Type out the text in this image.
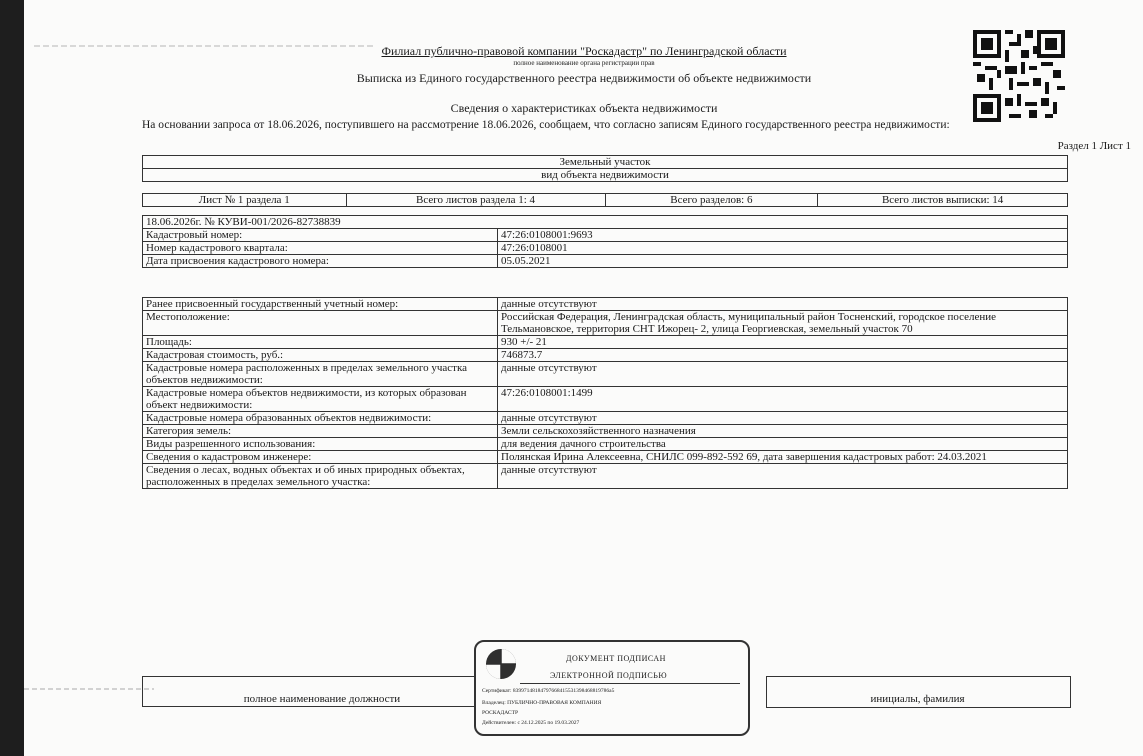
Филиал публично-правовой компании "Роскадастр" по Ленинградской области
полное наименование органа регистрации прав
Выписка из Единого государственного реестра недвижимости об объекте недвижимости
Сведения о характеристиках объекта недвижимости
На основании запроса от 18.06.2026, поступившего на рассмотрение 18.06.2026, сообщаем, что согласно записям Единого государственного реестра недвижимости:
Раздел 1 Лист 1
Земельный участок
вид объекта недвижимости
Лист № 1 раздела 1	Всего листов раздела 1: 4	Всего разделов: 6	Всего листов выписки: 14
18.06.2026г. № КУВИ-001/2026-82738839	
Кадастровый номер:	47:26:0108001:9693
Номер кадастрового квартала:	47:26:0108001
Дата присвоения кадастрового номера:	05.05.2021
Ранее присвоенный государственный учетный номер:	данные отсутствуют
Местоположение:	Российская Федерация, Ленинградская область, муниципальный район Тосненский, городское поселение Тельмановское, территория СНТ Ижорец- 2, улица Георгиевская, земельный участок 70
Площадь:	930 +/- 21
Кадастровая стоимость, руб.:	746873.7
Кадастровые номера расположенных в пределах земельного участка объектов недвижимости:	данные отсутствуют
Кадастровые номера объектов недвижимости, из которых образован объект недвижимости:	47:26:0108001:1499
Кадастровые номера образованных объектов недвижимости:	данные отсутствуют
Категория земель:	Земли сельскохозяйственного назначения
Виды разрешенного использования:	для ведения дачного строительства
Сведения о кадастровом инженере:	Полянская Ирина Алексеевна, СНИЛС 099-892-592 69, дата завершения кадастровых работ: 24.03.2021
Сведения о лесах, водных объектах и об иных природных объектах, расположенных в пределах земельного участка:	данные отсутствуют
полное наименование должности	инициалы, фамилия
ДОКУМЕНТ ПОДПИСАН
ЭЛЕКТРОННОЙ ПОДПИСЬЮ
Сертификат: 83997148184797668415531398468819786a5
Владелец: ПУБЛИЧНО-ПРАВОВАЯ КОМПАНИЯ
РОСКАДАСТР
Действителен: с 24.12.2025 по 19.03.2027
